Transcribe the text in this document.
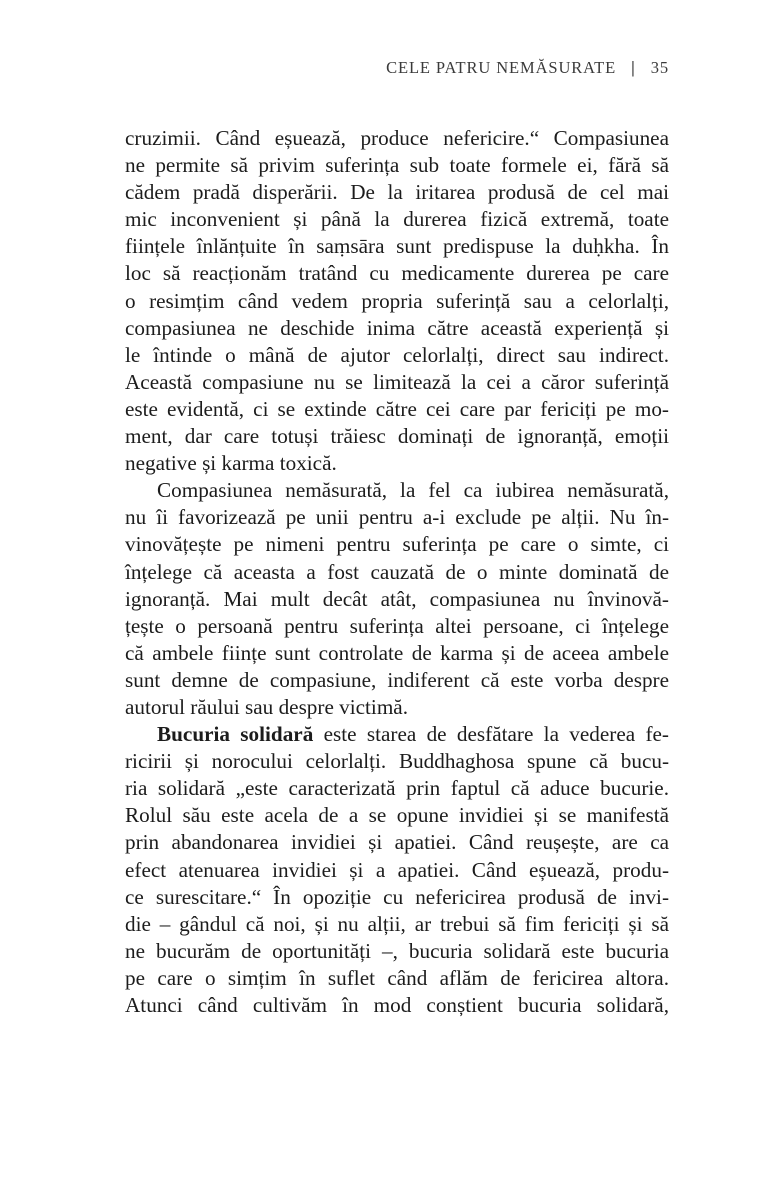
CELE PATRU NEMĂSURATE | 35
cruzimii. Când eșuează, produce nefericire.“ Compasiunea
ne permite să privim suferința sub toate formele ei, fără să
cădem pradă disperării. De la iritarea produsă de cel mai
mic inconvenient și până la durerea fizică extremă, toate
ființele înlănțuite în saṃsāra sunt predispuse la duḥkha. În
loc să reacționăm tratând cu medicamente durerea pe care
o resimțim când vedem propria suferință sau a celorlalți,
compasiunea ne deschide inima către această experiență și
le întinde o mână de ajutor celorlalți, direct sau indirect.
Această compasiune nu se limitează la cei a căror suferință
este evidentă, ci se extinde către cei care par fericiți pe mo-
ment, dar care totuși trăiesc dominați de ignoranță, emoții
negative și karma toxică.
Compasiunea nemăsurată, la fel ca iubirea nemăsurată,
nu îi favorizează pe unii pentru a-i exclude pe alții. Nu în-
vinovățește pe nimeni pentru suferința pe care o simte, ci
înțelege că aceasta a fost cauzată de o minte dominată de
ignoranță. Mai mult decât atât, compasiunea nu învinovă-
țește o persoană pentru suferința altei persoane, ci înțelege
că ambele ființe sunt controlate de karma și de aceea ambele
sunt demne de compasiune, indiferent că este vorba despre
autorul răului sau despre victimă.
Bucuria solidară este starea de desfătare la vederea fe-
ricirii și norocului celorlalți. Buddhaghosa spune că bucu-
ria solidară „este caracterizată prin faptul că aduce bucurie.
Rolul său este acela de a se opune invidiei și se manifestă
prin abandonarea invidiei și apatiei. Când reușește, are ca
efect atenuarea invidiei și a apatiei. Când eșuează, produ-
ce surescitare.“ În opoziție cu nefericirea produsă de invi-
die – gândul că noi, și nu alții, ar trebui să fim fericiți și să
ne bucurăm de oportunități –, bucuria solidară este bucuria
pe care o simțim în suflet când aflăm de fericirea altora.
Atunci când cultivăm în mod conștient bucuria solidară,
